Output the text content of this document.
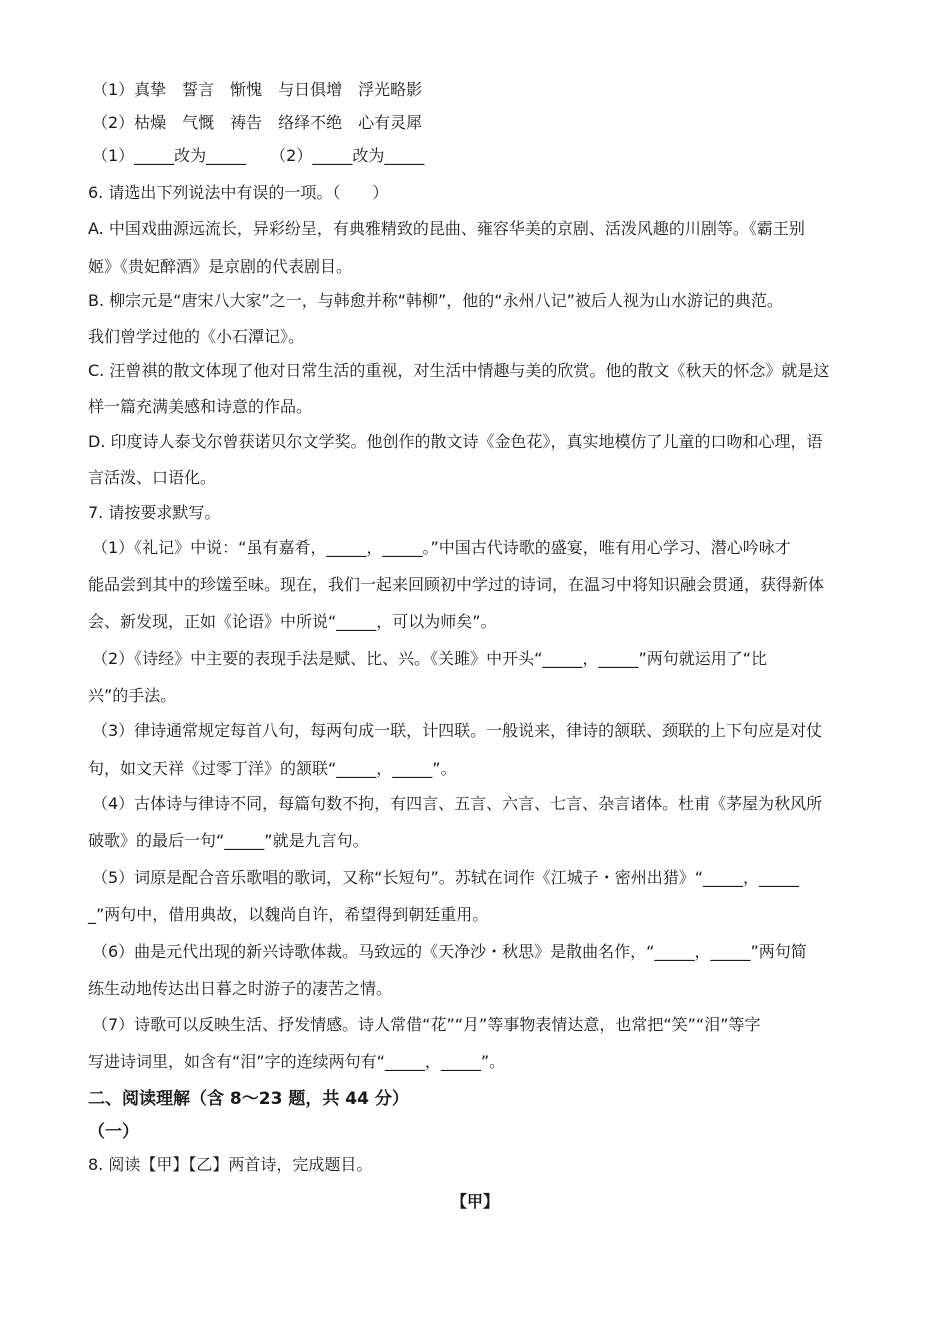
（1）真挚　誓言　惭愧　与日俱增　浮光略影
（2）枯燥　气慨　祷告　络绎不绝　心有灵犀
（1）_____改为_____　　（2）_____改为_____
6. 请选出下列说法中有误的一项。（　　）
A. 中国戏曲源远流长，异彩纷呈，有典雅精致的昆曲、雍容华美的京剧、活泼风趣的川剧等。《霸王别
姬》《贵妃醉酒》是京剧的代表剧目。
B. 柳宗元是“唐宋八大家”之一，与韩愈并称“韩柳”，他的“永州八记”被后人视为山水游记的典范。
我们曾学过他的《小石潭记》。
C. 汪曾祺的散文体现了他对日常生活的重视，对生活中情趣与美的欣赏。他的散文《秋天的怀念》就是这
样一篇充满美感和诗意的作品。
D. 印度诗人泰戈尔曾获诺贝尔文学奖。他创作的散文诗《金色花》，真实地模仿了儿童的口吻和心理，语
言活泼、口语化。
7. 请按要求默写。
（1）《礼记》中说：“虽有嘉肴，_____，_____。”中国古代诗歌的盛宴，唯有用心学习、潜心吟咏才
能品尝到其中的珍馐至味。现在，我们一起来回顾初中学过的诗词，在温习中将知识融会贯通，获得新体
会、新发现，正如《论语》中所说“_____，可以为师矣”。
（2）《诗经》中主要的表现手法是赋、比、兴。《关雎》中开头“_____，_____”两句就运用了“比
兴”的手法。
（3）律诗通常规定每首八句，每两句成一联，计四联。一般说来，律诗的颔联、颈联的上下句应是对仗
句，如文天祥《过零丁洋》的颔联“_____，_____”。
（4）古体诗与律诗不同，每篇句数不拘，有四言、五言、六言、七言、杂言诸体。杜甫《茅屋为秋风所
破歌》的最后一句“_____”就是九言句。
（5）词原是配合音乐歌唱的歌词，又称“长短句”。苏轼在词作《江城子・密州出猎》“_____，_____
_”两句中，借用典故，以魏尚自许，希望得到朝廷重用。
（6）曲是元代出现的新兴诗歌体裁。马致远的《天净沙・秋思》是散曲名作，“_____，_____”两句简
练生动地传达出日暮之时游子的凄苦之情。
（7）诗歌可以反映生活、抒发情感。诗人常借“花”“月”等事物表情达意，也常把“笑”“泪”等字
写进诗词里，如含有“泪”字的连续两句有“_____，_____”。
二、阅读理解（含 8～23 题，共 44 分）
（一）
8. 阅读【甲】【乙】两首诗，完成题目。
【甲】
